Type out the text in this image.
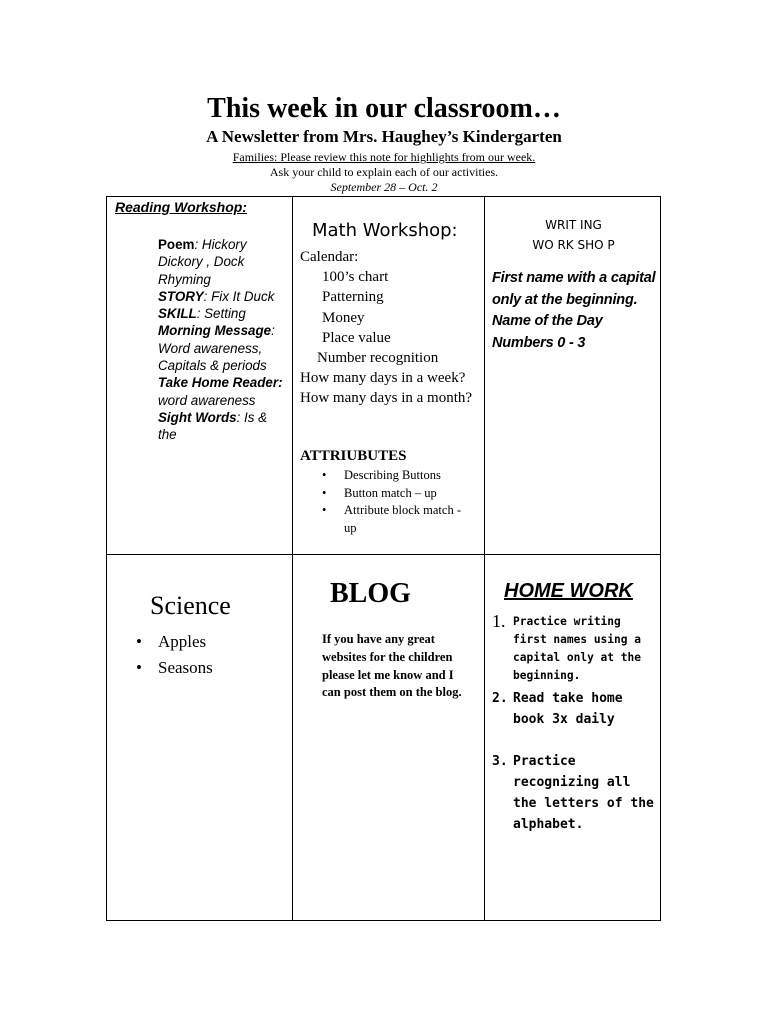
This week in our classroom…
A Newsletter from Mrs. Haughey’s Kindergarten
Families: Please review this note for highlights from our week.
Ask your child to explain each of our activities.
September 28 – Oct. 2
Reading Workshop:
Poem: Hickory Dickory , Dock Rhyming
STORY: Fix It Duck
SKILL: Setting
Morning Message: Word awareness, Capitals & periods
Take Home Reader: word awareness
Sight Words: Is & the
Math Workshop:
Calendar:
100’s chart
Patterning
Money
Place value
Number recognition
How many days in a week?
How many days in a month?
ATTRIUBUTES
• Describing Buttons
• Button match – up
• Attribute block match -up
WRIT ING
WO RK SHO P
First name with a capital only at the beginning.
Name of the Day
Numbers 0 - 3
Science
• Apples
• Seasons
BLOG
If you have any great websites for the children please let me know and I can post them on the blog.
HOME WORK
1. Practice writing first names using a capital only at the beginning.
2. Read take home book 3x daily
3. Practice recognizing all the letters of the alphabet.
